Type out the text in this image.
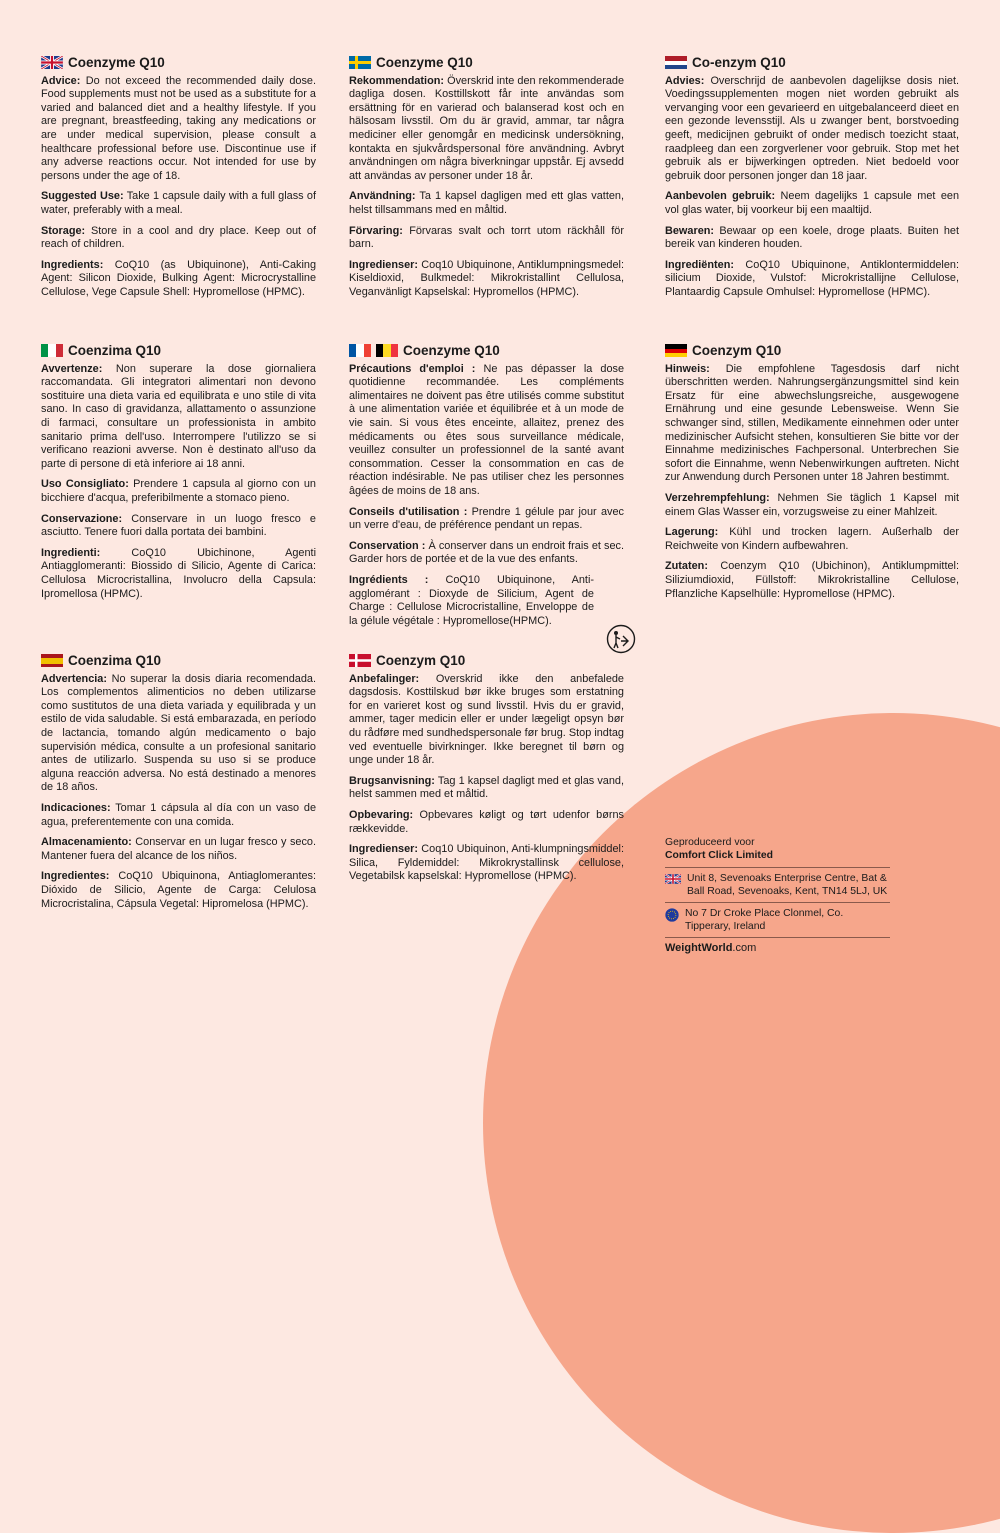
Coenzyme Q10

Advice: Do not exceed the recommended daily dose. Food supplements must not be used as a substitute for a varied and balanced diet and a healthy lifestyle. If you are pregnant, breastfeeding, taking any medications or are under medical supervision, please consult a healthcare professional before use. Discontinue use if any adverse reactions occur. Not intended for use by persons under the age of 18.

Suggested Use: Take 1 capsule daily with a full glass of water, preferably with a meal.

Storage: Store in a cool and dry place. Keep out of reach of children.

Ingredients: CoQ10 (as Ubiquinone), Anti-Caking Agent: Silicon Dioxide, Bulking Agent: Microcrystalline Cellulose, Vege Capsule Shell: Hypromellose (HPMC).

Coenzyme Q10

Rekommendation: Överskrid inte den rekommenderade dagliga dosen. Kosttillskott får inte användas som ersättning för en varierad och balanserad kost och en hälsosam livsstil. Om du är gravid, ammar, tar några mediciner eller genomgår en medicinsk undersökning, kontakta en sjukvårdspersonal före användning. Avbryt användningen om några biverkningar uppstår. Ej avsedd att användas av personer under 18 år.

Användning: Ta 1 kapsel dagligen med ett glas vatten, helst tillsammans med en måltid.

Förvaring: Förvaras svalt och torrt utom räckhåll för barn.

Ingredienser: Coq10 Ubiquinone, Antiklumpningsmedel: Kiseldioxid, Bulkmedel: Mikrokristallint Cellulosa, Veganvänligt Kapselskal: Hypromellos (HPMC).

Co-enzym Q10

Advies: Overschrijd de aanbevolen dagelijkse dosis niet. Voedingssupplementen mogen niet worden gebruikt als vervanging voor een gevarieerd en uitgebalanceerd dieet en een gezonde levensstijl. Als u zwanger bent, borstvoeding geeft, medicijnen gebruikt of onder medisch toezicht staat, raadpleeg dan een zorgverlener voor gebruik. Stop met het gebruik als er bijwerkingen optreden. Niet bedoeld voor gebruik door personen jonger dan 18 jaar.

Aanbevolen gebruik: Neem dagelijks 1 capsule met een vol glas water, bij voorkeur bij een maaltijd.

Bewaren: Bewaar op een koele, droge plaats. Buiten het bereik van kinderen houden.

Ingrediënten: CoQ10 Ubiquinone, Antiklontermiddelen: silicium Dioxide, Vulstof: Microkristallijne Cellulose, Plantaardig Capsule Omhulsel: Hypromellose (HPMC).

Coenzima Q10

Avvertenze: Non superare la dose giornaliera raccomandata. Gli integratori alimentari non devono sostituire una dieta varia ed equilibrata e uno stile di vita sano. In caso di gravidanza, allattamento o assunzione di farmaci, consultare un professionista in ambito sanitario prima dell'uso. Interrompere l'utilizzo se si verificano reazioni avverse. Non è destinato all'uso da parte di persone di età inferiore ai 18 anni.

Uso Consigliato: Prendere 1 capsula al giorno con un bicchiere d'acqua, preferibilmente a stomaco pieno.

Conservazione: Conservare in un luogo fresco e asciutto. Tenere fuori dalla portata dei bambini.

Ingredienti: CoQ10 Ubichinone, Agenti Antiagglomeranti: Biossido di Silicio, Agente di Carica: Cellulosa Microcristallina, Involucro della Capsula: Ipromellosa (HPMC).

Coenzyme Q10

Précautions d'emploi : Ne pas dépasser la dose quotidienne recommandée. Les compléments alimentaires ne doivent pas être utilisés comme substitut à une alimentation variée et équilibrée et à un mode de vie sain. Si vous êtes enceinte, allaitez, prenez des médicaments ou êtes sous surveillance médicale, veuillez consulter un professionnel de la santé avant consommation. Cesser la consommation en cas de réaction indésirable. Ne pas utiliser chez les personnes âgées de moins de 18 ans.

Conseils d'utilisation : Prendre 1 gélule par jour avec un verre d'eau, de préférence pendant un repas.

Conservation : À conserver dans un endroit frais et sec. Garder hors de portée et de la vue des enfants.

Ingrédients : CoQ10 Ubiquinone, Anti-agglomérant : Dioxyde de Silicium, Agent de Charge : Cellulose Microcristalline, Enveloppe de la gélule végétale : Hypromellose(HPMC).

Coenzym Q10

Hinweis: Die empfohlene Tagesdosis darf nicht überschritten werden. Nahrungsergänzungsmittel sind kein Ersatz für eine abwechslungsreiche, ausgewogene Ernährung und eine gesunde Lebensweise. Wenn Sie schwanger sind, stillen, Medikamente einnehmen oder unter medizinischer Aufsicht stehen, konsultieren Sie bitte vor der Einnahme medizinisches Fachpersonal. Unterbrechen Sie sofort die Einnahme, wenn Nebenwirkungen auftreten. Nicht zur Anwendung durch Personen unter 18 Jahren bestimmt.

Verzehrempfehlung: Nehmen Sie täglich 1 Kapsel mit einem Glas Wasser ein, vorzugsweise zu einer Mahlzeit.

Lagerung: Kühl und trocken lagern. Außerhalb der Reichweite von Kindern aufbewahren.

Zutaten: Coenzym Q10 (Ubichinon), Antiklumpmittel: Siliziumdioxid, Füllstoff: Mikrokristalline Cellulose, Pflanzliche Kapselhülle: Hypromellose (HPMC).

Coenzima Q10

Advertencia: No superar la dosis diaria recomendada. Los complementos alimenticios no deben utilizarse como sustitutos de una dieta variada y equilibrada y un estilo de vida saludable. Si está embarazada, en período de lactancia, tomando algún medicamento o bajo supervisión médica, consulte a un profesional sanitario antes de utilizarlo. Suspenda su uso si se produce alguna reacción adversa. No está destinado a menores de 18 años.

Indicaciones: Tomar 1 cápsula al día con un vaso de agua, preferentemente con una comida.

Almacenamiento: Conservar en un lugar fresco y seco. Mantener fuera del alcance de los niños.

Ingredientes: CoQ10 Ubiquinona, Antiaglomerantes: Dióxido de Silicio, Agente de Carga: Celulosa Microcristalina, Cápsula Vegetal: Hipromelosa (HPMC).

Coenzym Q10

Anbefalinger: Overskrid ikke den anbefalede dagsdosis. Kosttilskud bør ikke bruges som erstatning for en varieret kost og sund livsstil. Hvis du er gravid, ammer, tager medicin eller er under lægeligt opsyn bør du rådføre med sundhedspersonale før brug. Stop indtag ved eventuelle bivirkninger. Ikke beregnet til børn og unge under 18 år.

Brugsanvisning: Tag 1 kapsel dagligt med et glas vand, helst sammen med et måltid.

Opbevaring: Opbevares køligt og tørt udenfor børns rækkevidde.

Ingredienser: Coq10 Ubiquinon, Anti-klumpningsmiddel: Silica, Fyldemiddel: Mikrokrystallinsk cellulose, Vegetabilsk kapselskal: Hypromellose (HPMC).

Geproduceerd voor
Comfort Click Limited
Unit 8, Sevenoaks Enterprise Centre, Bat & Ball Road, Sevenoaks, Kent, TN14 5LJ, UK
No 7 Dr Croke Place Clonmel, Co. Tipperary, Ireland
WeightWorld.com
